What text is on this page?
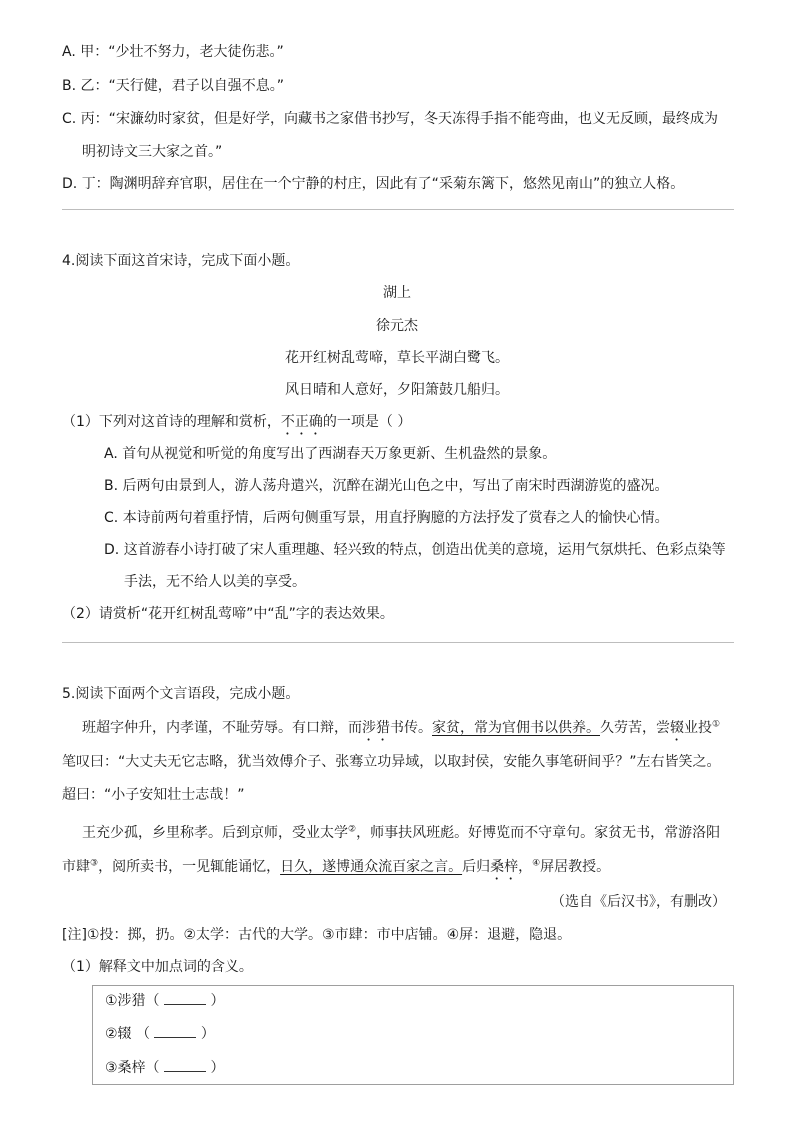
A. 甲：“少壮不努力，老大徒伤悲。”
B. 乙：“天行健，君子以自强不息。”
C. 丙：“宋濂幼时家贫，但是好学，向藏书之家借书抄写，冬天冻得手指不能弯曲，也义无反顾，最终成为
明初诗文三大家之首。”
D. 丁：陶渊明辞弃官职，居住在一个宁静的村庄，因此有了“采菊东篱下，悠然见南山”的独立人格。
4.阅读下面这首宋诗，完成下面小题。
湖上
徐元杰
花开红树乱莺啼，草长平湖白鹭飞。
风日晴和人意好，夕阳箫鼓几船归。
（1）下列对这首诗的理解和赏析，不正确的一项是（ ）
A. 首句从视觉和听觉的角度写出了西湖春天万象更新、生机盎然的景象。
B. 后两句由景到人，游人荡舟遣兴，沉醉在湖光山色之中，写出了南宋时西湖游览的盛况。
C. 本诗前两句着重抒情，后两句侧重写景，用直抒胸臆的方法抒发了赏春之人的愉快心情。
D. 这首游春小诗打破了宋人重理趣、轻兴致的特点，创造出优美的意境，运用气氛烘托、色彩点染等
手法，无不给人以美的享受。
（2）请赏析“花开红树乱莺啼”中“乱”字的表达效果。
5.阅读下面两个文言语段，完成小题。
班超字仲升，内孝谨，不耻劳辱。有口辩，而涉猎书传。家贫，常为官佣书以供养。久劳苦，尝辍业投①
笔叹曰：“大丈夫无它志略，犹当效傅介子、张骞立功异域，以取封侯，安能久事笔研间乎？”左右皆笑之。
超曰：“小子安知壮士志哉！”
王充少孤，乡里称孝。后到京师，受业太学②，师事扶风班彪。好博览而不守章句。家贫无书，常游洛阳
市肆③，阅所卖书，一见辄能诵忆，日久，遂博通众流百家之言。后归桑梓，④屏居教授。
（选自《后汉书》，有删改）
[注]①投：掷，扔。②太学：古代的大学。③市肆：市中店铺。④屏：退避，隐退。
（1）解释文中加点词的含义。
①涉猎（	）
②辍 （	）
③桑梓（	）
